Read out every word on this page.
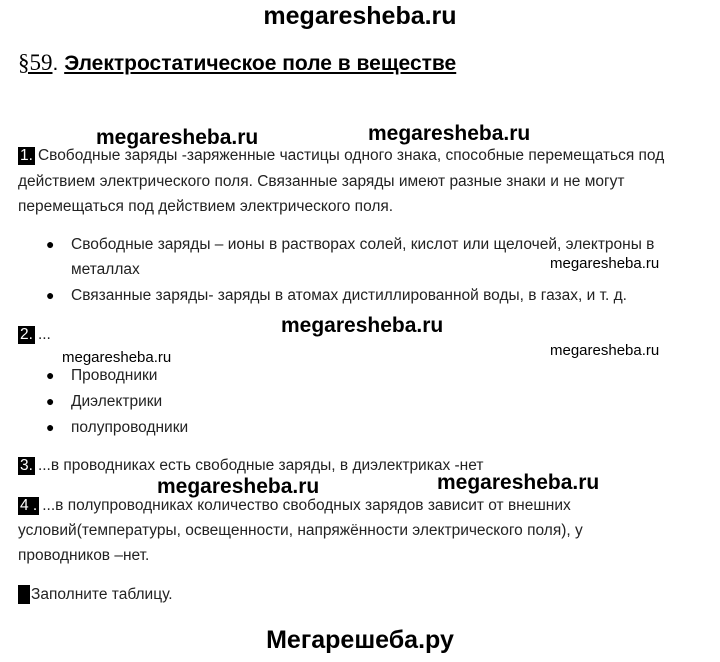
megaresheba.ru
§59. Электростатическое поле в веществе
megaresheba.ru	megaresheba.ru
megaresheba.ru
megaresheba.ru
megaresheba.ru	megaresheba.ru
megaresheba.ru	megaresheba.ru
1. Свободные заряды -заряженные частицы одного знака, способные перемещаться под
действием электрического поля. Связанные заряды имеют разные знаки и не могут
перемещаться под действием электрического поля.
● Свободные заряды – ионы в растворах солей, кислот или щелочей, электроны в
металлах
● Связанные заряды- заряды в атомах дистиллированной воды, в газах, и т. д.
2. ...
● Проводники
● Диэлектрики
● полупроводники
3. ...в проводниках есть свободные заряды, в диэлектриках -нет
4 . ...в полупроводниках количество свободных зарядов зависит от внешних
условий(температуры, освещенности, напряжённости электрического поля), у
проводников –нет.
Заполните таблицу.
Мегарешеба.ру
